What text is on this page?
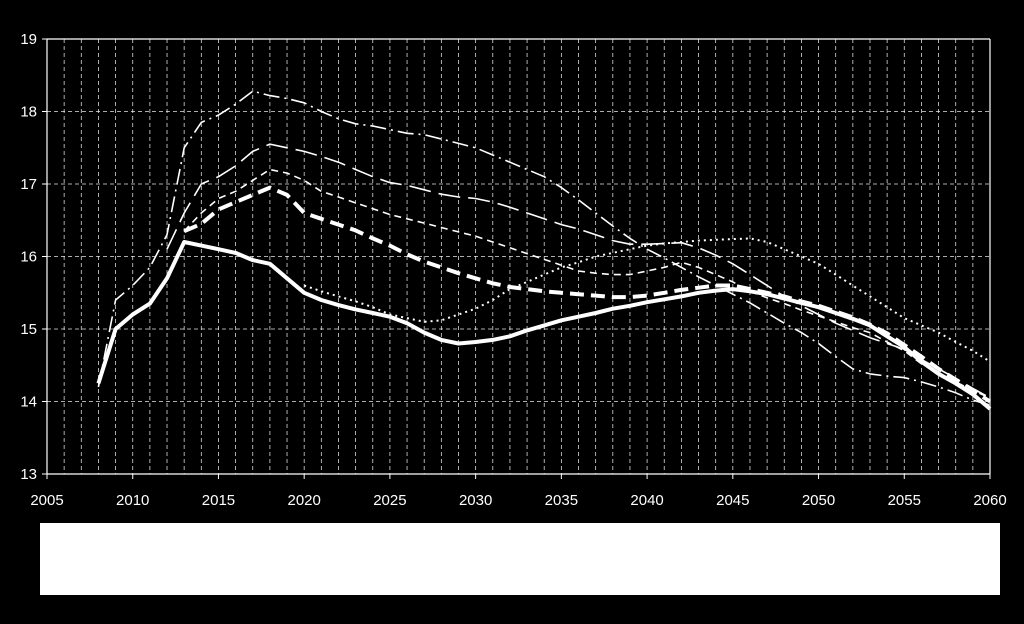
13
14
15
16
17
18
19
2005	2010	2015	2020	2025	2030	2035	2040	2045	2050	2055	2060
